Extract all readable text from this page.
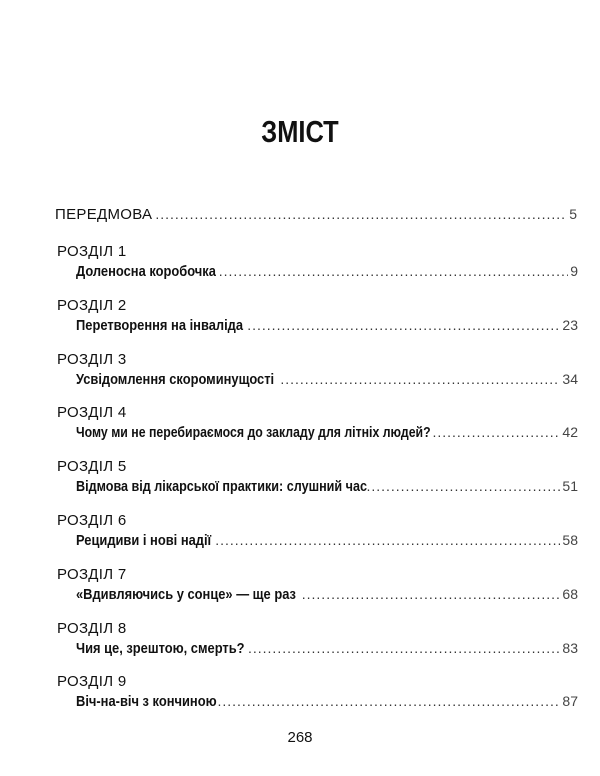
ЗМІСТ
ПЕРЕДМОВА .....	5
РОЗДІЛ 1
Доленосна коробочка .....	9
РОЗДІЛ 2
Перетворення на інваліда .....	23
РОЗДІЛ 3
Усвідомлення скороминущості .....	34
РОЗДІЛ 4
Чому ми не перебираємося до закладу для літніх людей? .....	42
РОЗДІЛ 5
Відмова від лікарської практики: слушний час .....	51
РОЗДІЛ 6
Рецидиви і нові надії .....	58
РОЗДІЛ 7
«Вдивляючись у сонце» — ще раз .....	68
РОЗДІЛ 8
Чия це, зрештою, смерть? .....	83
РОЗДІЛ 9
Віч-на-віч з кончиною .....	87
268
